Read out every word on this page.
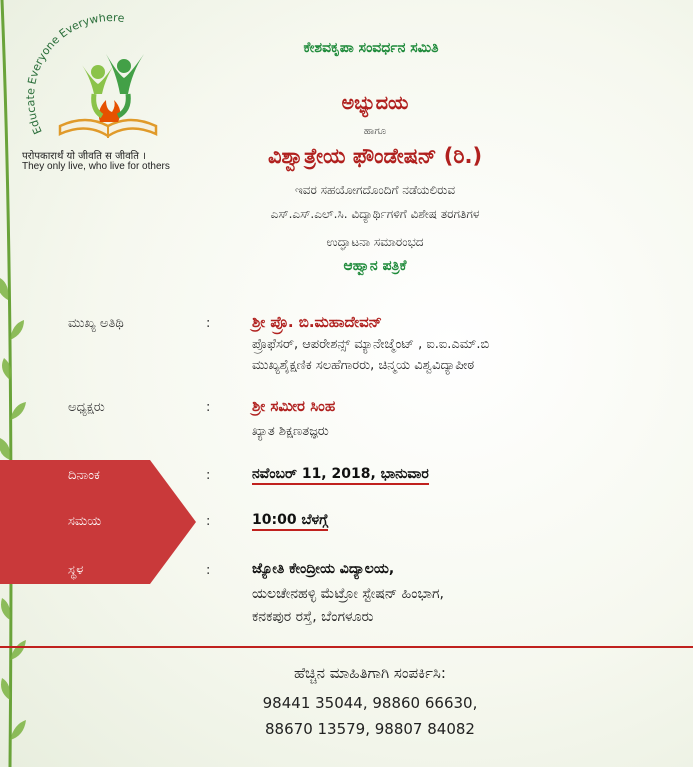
Educate Everyone Everywhere
परोपकारार्थं यो जीवति स जीवति ।
They only live, who live for others
ಕೇಶವಕೃಪಾ ಸಂವರ್ಧನ ಸಮಿತಿ
ಅಭ್ಯುದಯ
ಹಾಗೂ
ವಿಶ್ವಾತ್ರೇಯ ಫೌಂಡೇಷನ್ (ರಿ.)
ಇವರ ಸಹಯೋಗದೊಂದಿಗೆ ನಡೆಯಲಿರುವ
ಎಸ್.ಎಸ್.ಎಲ್.ಸಿ. ವಿದ್ಯಾರ್ಥಿಗಳಿಗೆ ವಿಶೇಷ ತರಗತಿಗಳ
ಉದ್ಘಾಟನಾ ಸಮಾರಂಭದ
ಆಹ್ವಾನ ಪತ್ರಿಕೆ
ಮುಖ್ಯ ಅತಿಥಿ	:	ಶ್ರೀ ಪ್ರೊ. ಬಿ.ಮಹಾದೇವನ್
ಪ್ರೊಫೆಸರ್, ಆಪರೇಶನ್ಸ್ ಮ್ಯಾನೇಜ್ಮೆಂಟ್ , ಐ.ಐ.ಎಮ್.ಬಿ
ಮುಖ್ಯಶೈಕ್ಷಣಿಕ ಸಲಹೆಗಾರರು, ಚಿನ್ಮಯ ವಿಶ್ವವಿದ್ಯಾಪೀಠ
ಅಧ್ಯಕ್ಷರು	:	ಶ್ರೀ ಸಮೀರ ಸಿಂಹ
ಖ್ಯಾತ ಶಿಕ್ಷಣತಜ್ಞರು
ದಿನಾಂಕ	:	ನವೆಂಬರ್ 11, 2018, ಭಾನುವಾರ
ಸಮಯ	:	10:00 ಬೆಳಗ್ಗೆ
ಸ್ಥಳ	:	ಜ್ಯೋತಿ ಕೇಂದ್ರೀಯ ವಿದ್ಯಾಲಯ,
ಯಲಚೇನಹಳ್ಳಿ ಮೆಟ್ರೋ ಸ್ಟೇಷನ್ ಹಿಂಭಾಗ,
ಕನಕಪುರ ರಸ್ತೆ, ಬೆಂಗಳೂರು
ಹೆಚ್ಚಿನ ಮಾಹಿತಿಗಾಗಿ ಸಂಪರ್ಕಿಸಿ:
98441 35044, 98860 66630,
88670 13579, 98807 84082
